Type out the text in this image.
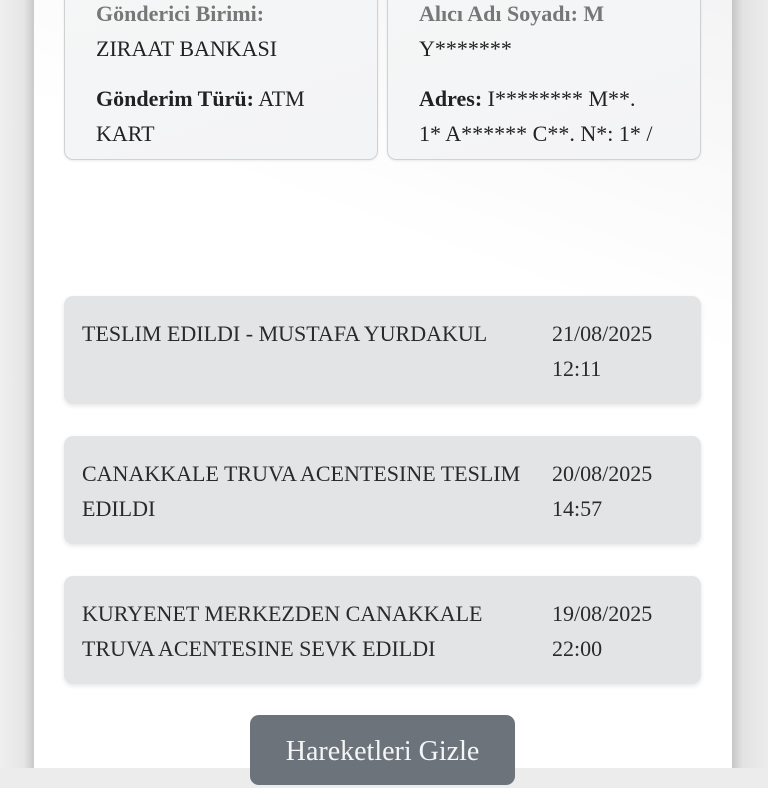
Gönderici Birimi:

ZIRAAT BANKASI

Gönderim Türü: ATM

KART

Alıcı Adı Soyadı: M

Y*******

Adres: I******** M**.

1* A****** C**. N*: 1* /

TESLIM EDILDI - MUSTAFA YURDAKUL	21/08/2025
12:11
CANAKKALE TRUVA ACENTESINE TESLIM EDILDI
20/08/2025
14:57
KURYENET MERKEZDEN CANAKKALE TRUVA ACENTESINE SEVK EDILDI
19/08/2025
22:00
Hareketleri Gizle
